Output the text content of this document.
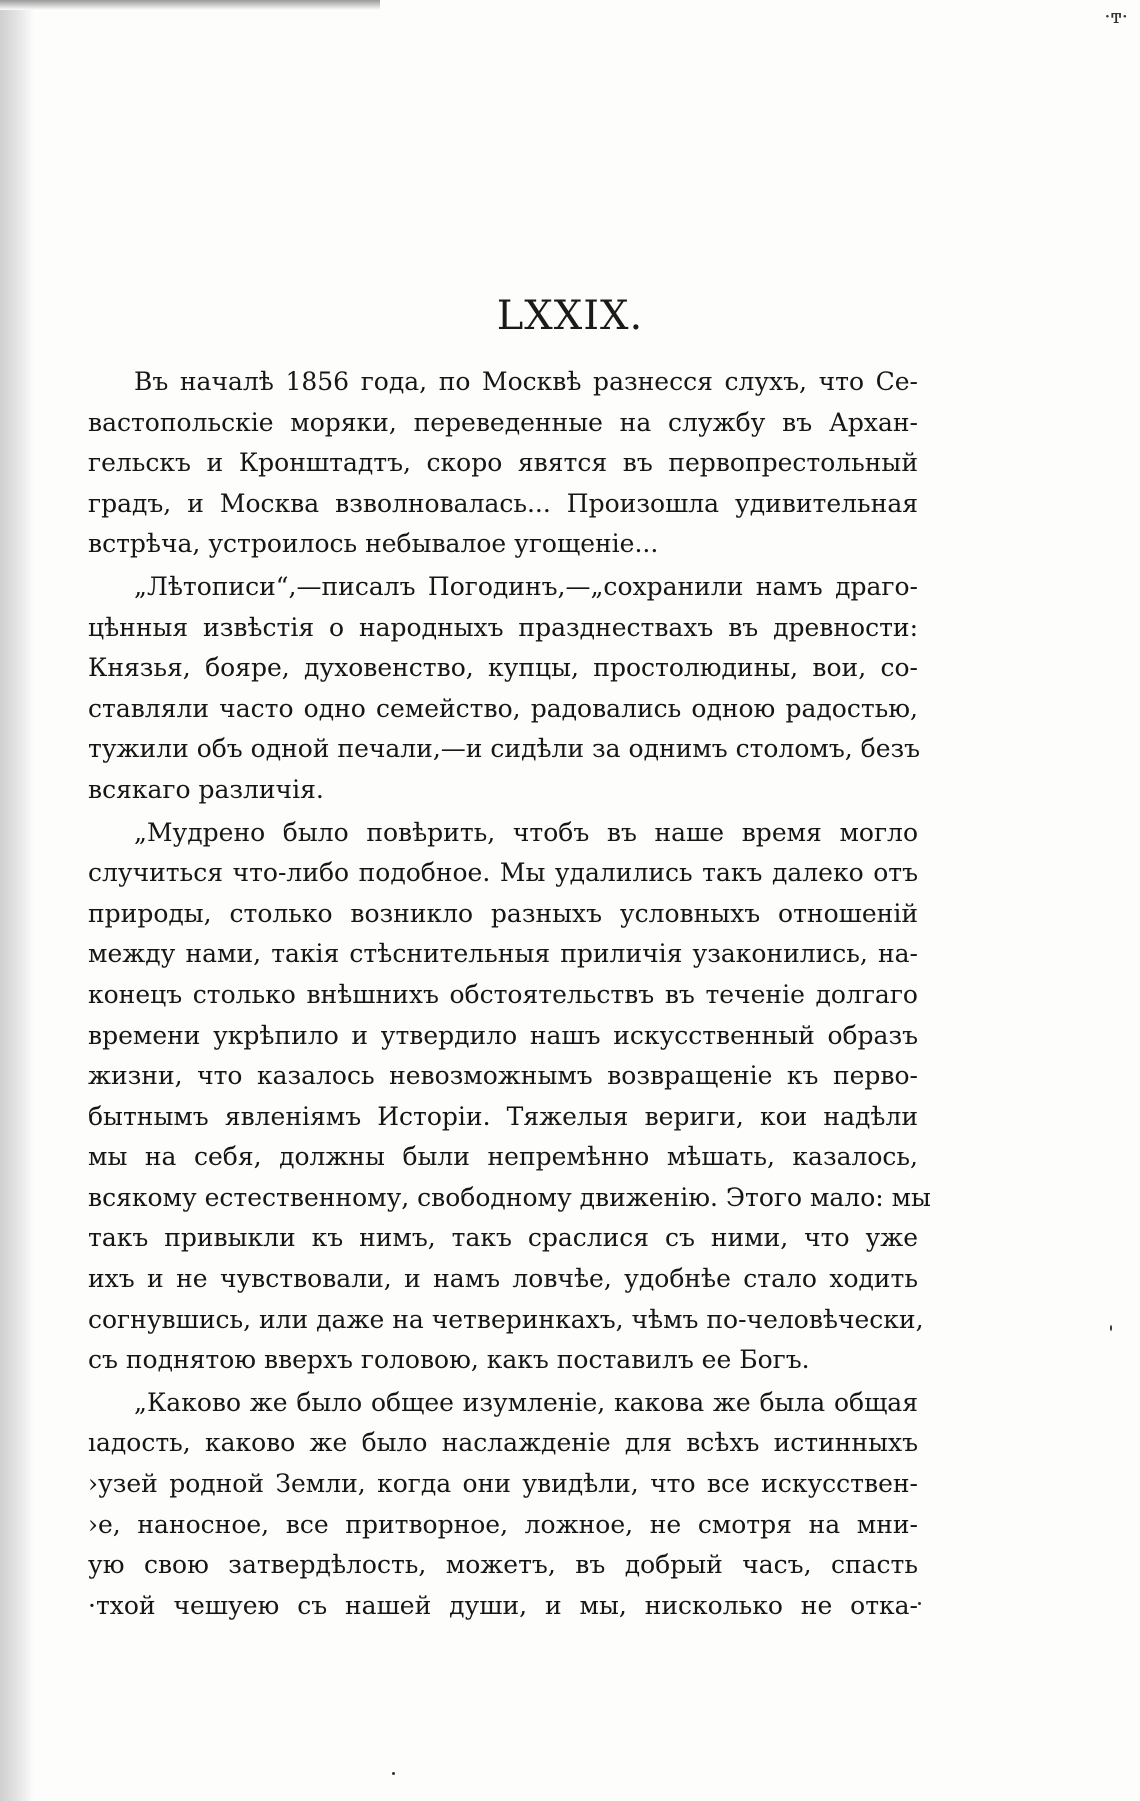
·ͳ·
LXXIX.

Въ началѣ 1856 года, по Москвѣ разнесся слухъ, что Се-
вастопольскіе моряки, переведенные на службу въ Архан-
гельскъ и Кронштадтъ, скоро явятся въ первопрестольный
градъ, и Москва взволновалась... Произошла удивительная
встрѣча, устроилось небывалое угощеніе...

„Лѣтописи“,—писалъ Погодинъ,—„сохранили намъ драго-
цѣнныя извѣстія о народныхъ празднествахъ въ древности:
Князья, бояре, духовенство, купцы, простолюдины, вои, со-
ставляли часто одно семейство, радовались одною радостью,
тужили объ одной печали,—и сидѣли за однимъ столомъ, безъ
всякаго различія.

„Мудрено было повѣрить, чтобъ въ наше время могло
случиться что-либо подобное. Мы удалились такъ далеко отъ
природы, столько возникло разныхъ условныхъ отношеній
между нами, такія стѣснительныя приличія узаконились, на-
конецъ столько внѣшнихъ обстоятельствъ въ теченіе долгаго
времени укрѣпило и утвердило нашъ искусственный образъ
жизни, что казалось невозможнымъ возвращеніе къ перво-
бытнымъ явленіямъ Исторіи. Тяжелыя вериги, кои надѣли
мы на себя, должны были непремѣнно мѣшать, казалось,
всякому естественному, свободному движенію. Этого мало: мы
такъ привыкли къ нимъ, такъ сраслися съ ними, что уже
ихъ и не чувствовали, и намъ ловчѣе, удобнѣе стало ходить
согнувшись, или даже на четверинкахъ, чѣмъ по-человѣчески,
съ поднятою вверхъ головою, какъ поставилъ ее Богъ.

„Каково же было общее изумленіе, какова же была общая
ıадость, каково же было наслажденіе для всѣхъ истинныхъ
›узей родной Земли, когда они увидѣли, что все искусствен-
›е, наносное, все притворное, ложное, не смотря на мни-
ую свою затвердѣлость, можетъ, въ добрый часъ, спасть
·тхой чешуею съ нашей души, и мы, нисколько не отка-
